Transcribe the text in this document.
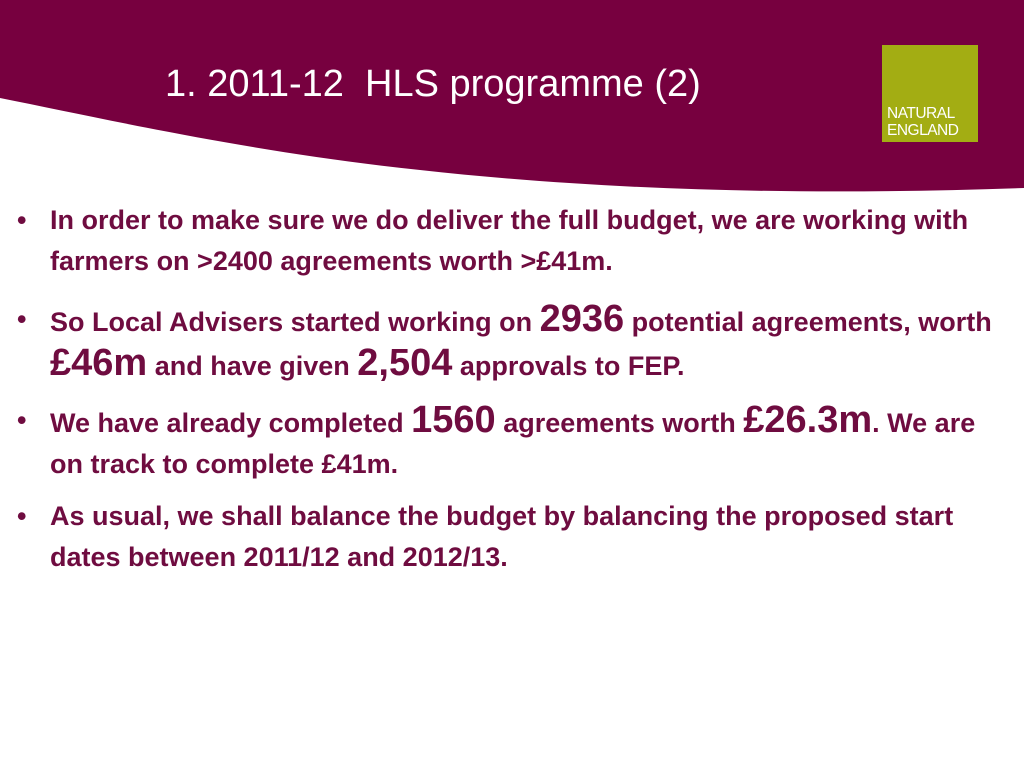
1. 2011-12  HLS programme (2)
NATURAL
ENGLAND
• In order to make sure we do deliver the full budget, we are working with farmers on >2400 agreements worth >£41m.
• So Local Advisers started working on 2936 potential agreements, worth £46m and have given 2,504 approvals to FEP.
• We have already completed 1560 agreements worth £26.3m. We are on track to complete £41m.
• As usual, we shall balance the budget by balancing the proposed start dates between 2011/12 and 2012/13.
